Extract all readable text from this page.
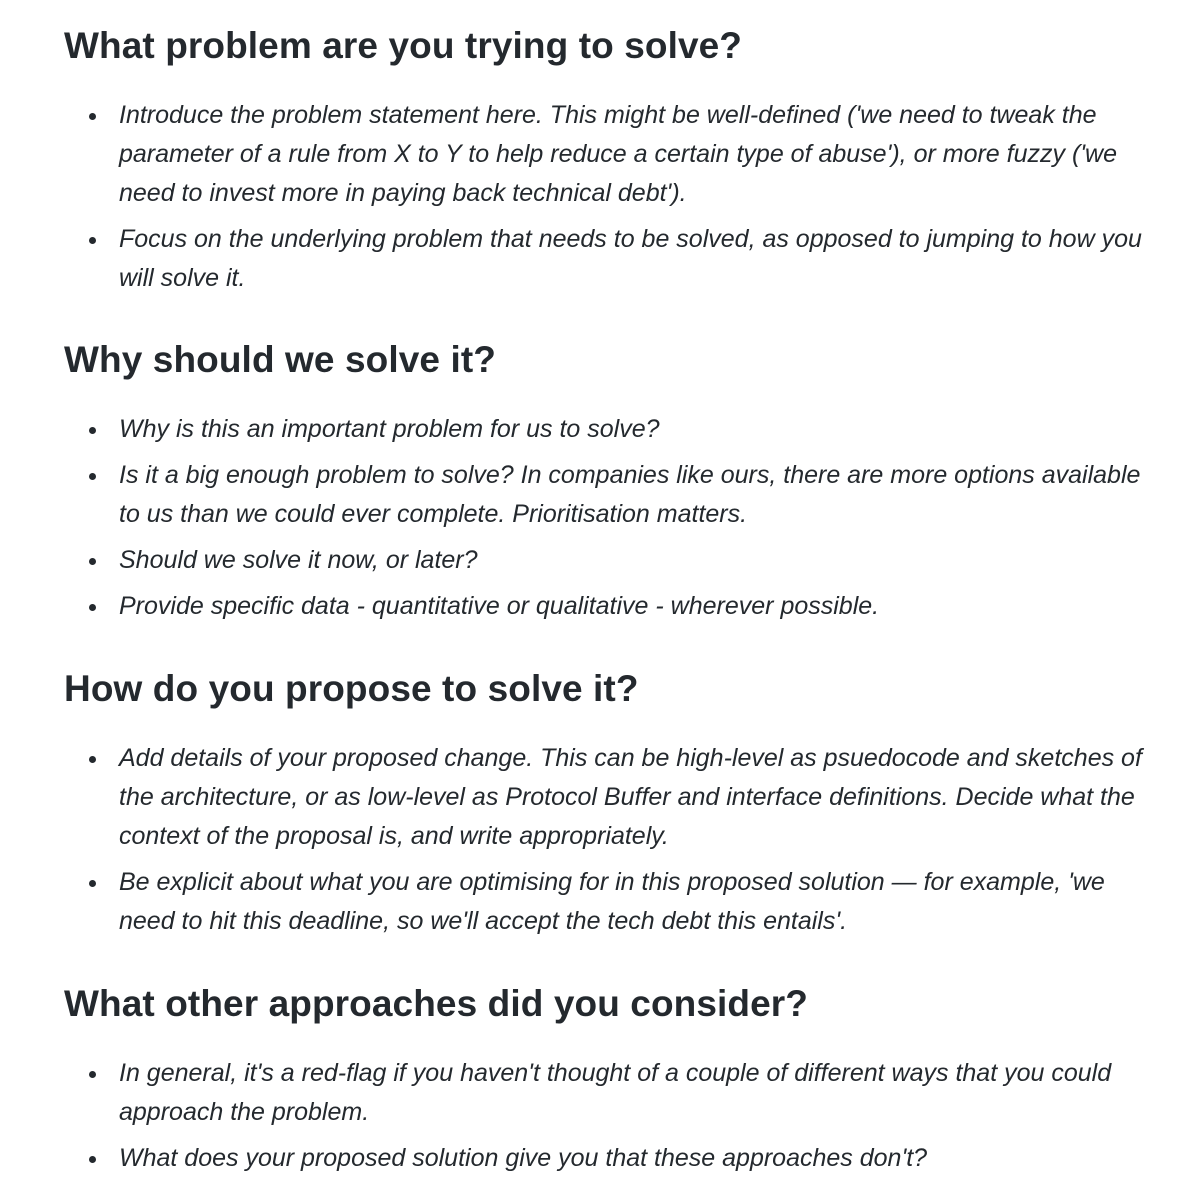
What problem are you trying to solve?
Introduce the problem statement here. This might be well-defined ('we need to tweak the parameter of a rule from X to Y to help reduce a certain type of abuse'), or more fuzzy ('we need to invest more in paying back technical debt').
Focus on the underlying problem that needs to be solved, as opposed to jumping to how you will solve it.
Why should we solve it?
Why is this an important problem for us to solve?
Is it a big enough problem to solve? In companies like ours, there are more options available to us than we could ever complete. Prioritisation matters.
Should we solve it now, or later?
Provide specific data - quantitative or qualitative - wherever possible.
How do you propose to solve it?
Add details of your proposed change. This can be high-level as psuedocode and sketches of the architecture, or as low-level as Protocol Buffer and interface definitions. Decide what the context of the proposal is, and write appropriately.
Be explicit about what you are optimising for in this proposed solution — for example, 'we need to hit this deadline, so we'll accept the tech debt this entails'.
What other approaches did you consider?
In general, it's a red-flag if you haven't thought of a couple of different ways that you could approach the problem.
What does your proposed solution give you that these approaches don't?
